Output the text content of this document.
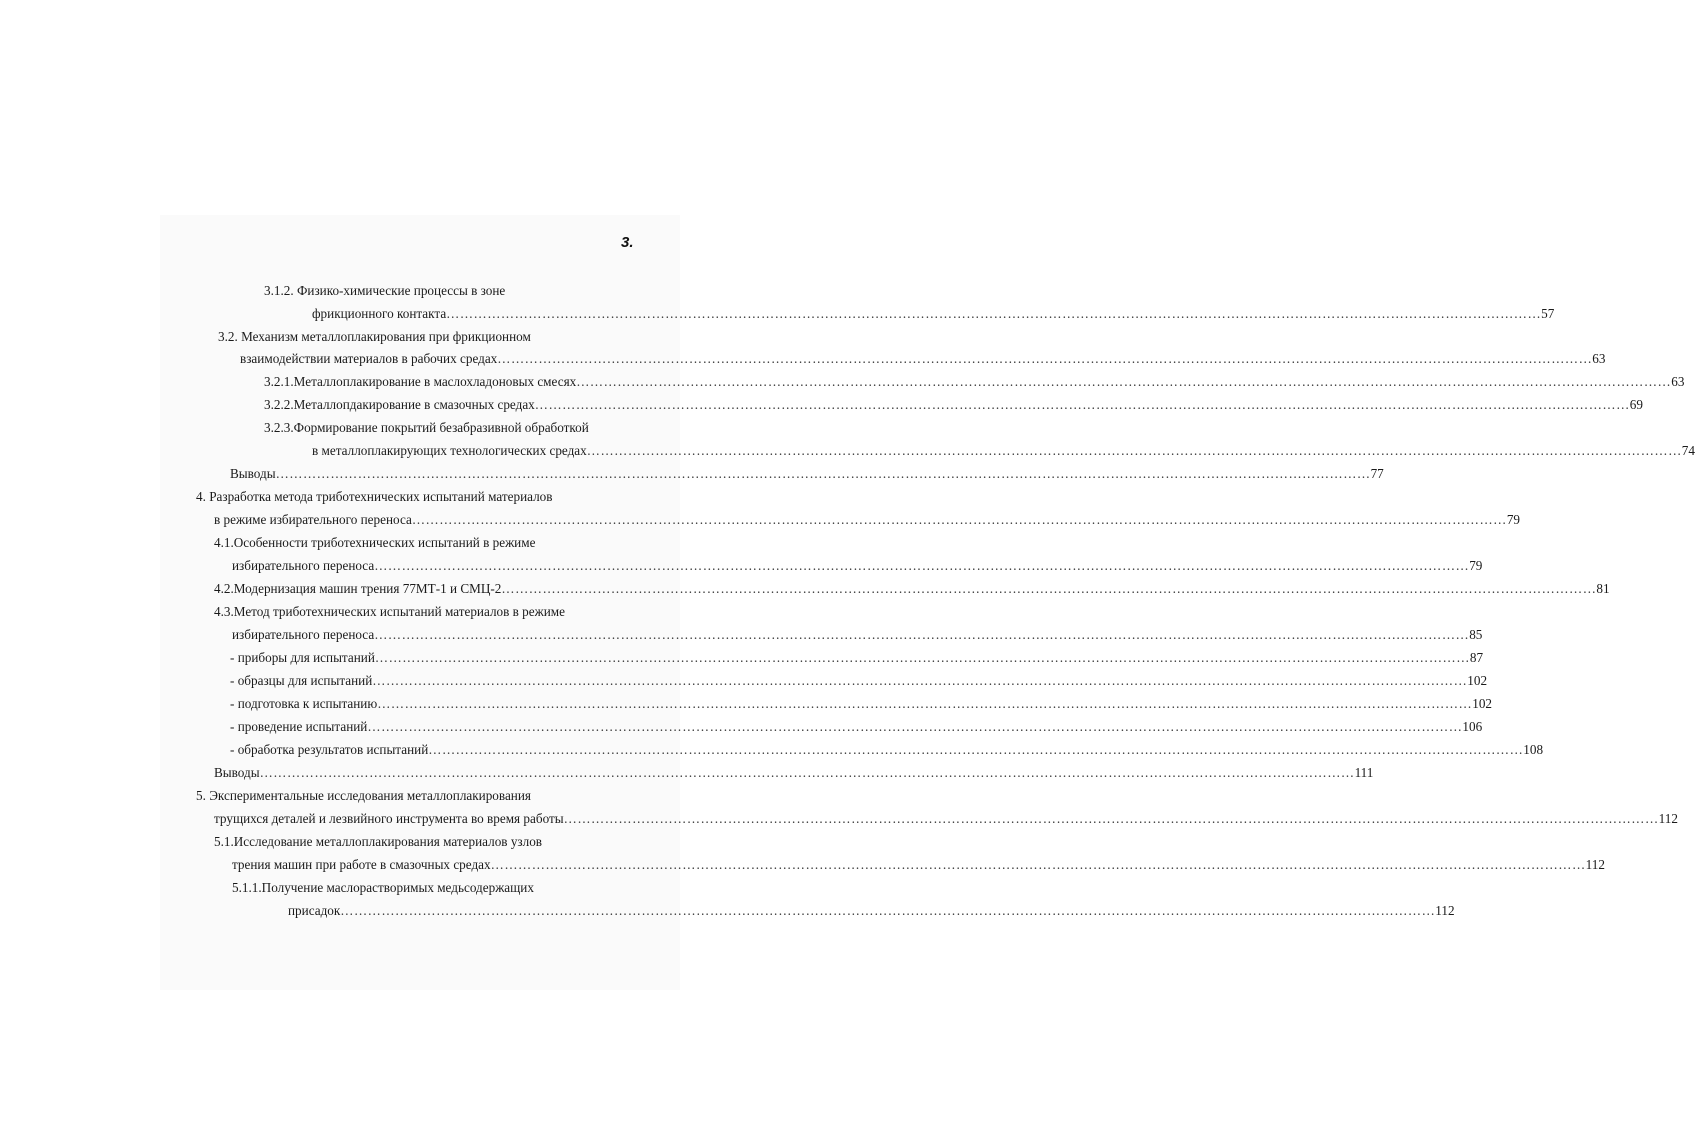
3.
3.1.2. Физико-химические процессы в зоне
фрикционного контакта …………………………………………………………………………………………………………………………………………………………………………………………………………………… 57
3.2. Механизм металлоплакирования при фрикционном
взаимодействии материалов в рабочих средах …………………………………………………………………………………………………………………………………………………………………………………………………………………… 63
3.2.1.Металлоплакирование в маслохладоновых смесях …………………………………………………………………………………………………………………………………………………………………………………………………………………… 63
3.2.2.Металлопдакирование в смазочных средах …………………………………………………………………………………………………………………………………………………………………………………………………………………… 69
3.2.3.Формирование покрытий безабразивной обработкой
в металлоплакирующих технологических средах …………………………………………………………………………………………………………………………………………………………………………………………………………………… 74
Выводы …………………………………………………………………………………………………………………………………………………………………………………………………………………… 77
4. Разработка метода триботехнических испытаний материалов
в режиме избирательного переноса …………………………………………………………………………………………………………………………………………………………………………………………………………………… 79
4.1.Особенности триботехнических испытаний в режиме
избирательного переноса …………………………………………………………………………………………………………………………………………………………………………………………………………………… 79
4.2.Модернизация машин трения 77МТ-1 и СМЦ-2 …………………………………………………………………………………………………………………………………………………………………………………………………………………… 81
4.3.Метод триботехнических испытаний материалов в режиме
избирательного переноса …………………………………………………………………………………………………………………………………………………………………………………………………………………… 85
- приборы для испытаний …………………………………………………………………………………………………………………………………………………………………………………………………………………… 87
- образцы для испытаний …………………………………………………………………………………………………………………………………………………………………………………………………………………… 102
- подготовка к испытанию …………………………………………………………………………………………………………………………………………………………………………………………………………………… 102
- проведение испытаний …………………………………………………………………………………………………………………………………………………………………………………………………………………… 106
- обработка результатов испытаний …………………………………………………………………………………………………………………………………………………………………………………………………………………… 108
Выводы …………………………………………………………………………………………………………………………………………………………………………………………………………………… 111
5. Экспериментальные исследования металлоплакирования
трущихся деталей и лезвийного инструмента во время работы …………………………………………………………………………………………………………………………………………………………………………………………………………………… 112
5.1.Исследование металлоплакирования материалов узлов
трения машин при работе в смазочных средах …………………………………………………………………………………………………………………………………………………………………………………………………………………… 112
5.1.1.Получение маслорастворимых медьсодержащих
присадок …………………………………………………………………………………………………………………………………………………………………………………………………………………… 112
